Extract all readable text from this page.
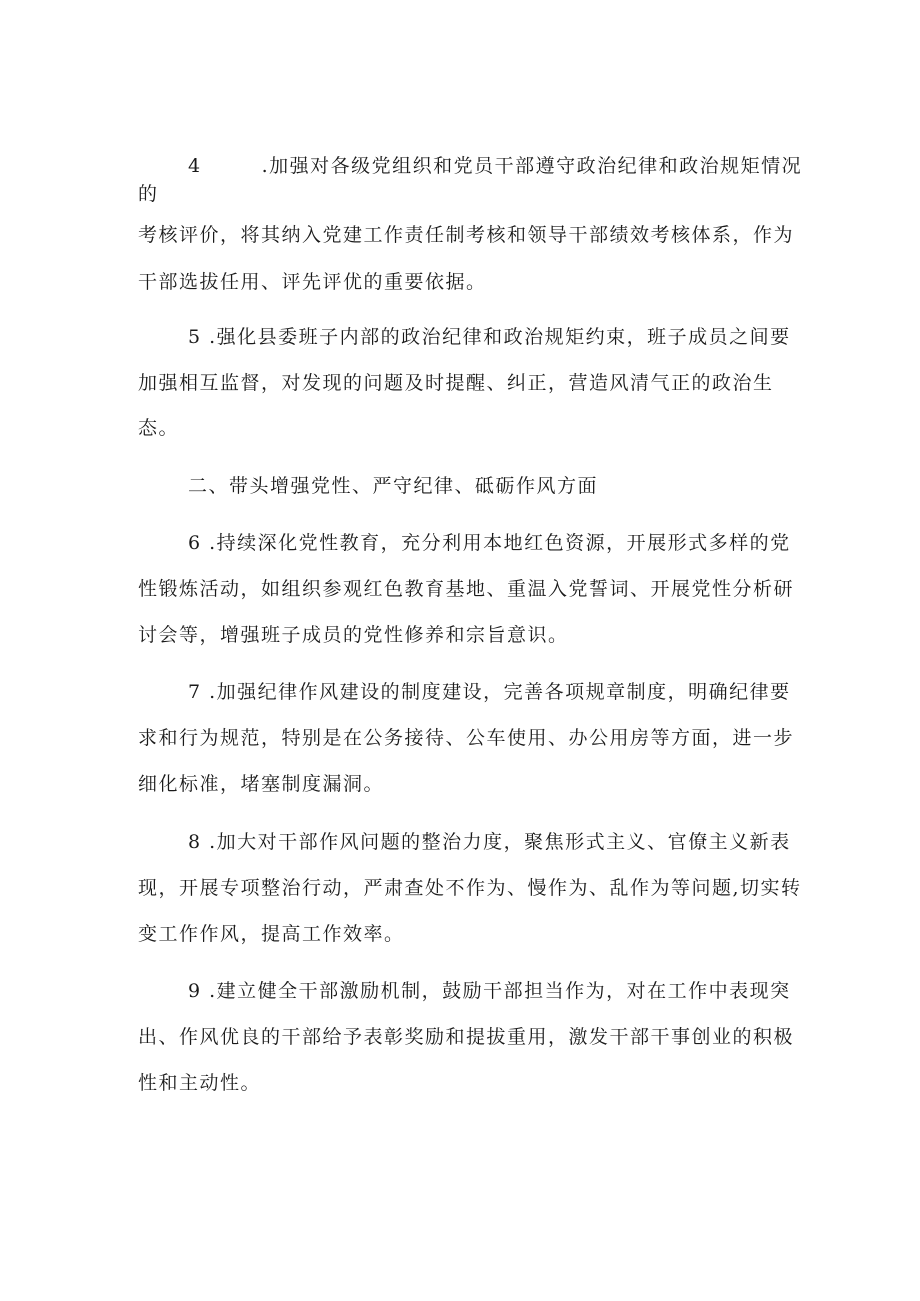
4	.加强对各级党组织和党员干部遵守政治纪律和政治规矩情况
的
考核评价，将其纳入党建工作责任制考核和领导干部绩效考核体系，作为
干部选拔任用、评先评优的重要依据。
5 .强化县委班子内部的政治纪律和政治规矩约束，班子成员之间要
加强相互监督，对发现的问题及时提醒、纠正，营造风清气正的政治生
态。
二、带头增强党性、严守纪律、砥砺作风方面
6 .持续深化党性教育，充分利用本地红色资源，开展形式多样的党
性锻炼活动，如组织参观红色教育基地、重温入党誓词、开展党性分析研
讨会等，增强班子成员的党性修养和宗旨意识。
7 .加强纪律作风建设的制度建设，完善各项规章制度，明确纪律要
求和行为规范，特别是在公务接待、公车使用、办公用房等方面，进一步
细化标准，堵塞制度漏洞。
8 .加大对干部作风问题的整治力度，聚焦形式主义、官僚主义新表
现，开展专项整治行动，严肃查处不作为、慢作为、乱作为等问题,切实转
变工作作风，提高工作效率。
9 .建立健全干部激励机制，鼓励干部担当作为，对在工作中表现突
出、作风优良的干部给予表彰奖励和提拔重用，激发干部干事创业的积极
性和主动性。
